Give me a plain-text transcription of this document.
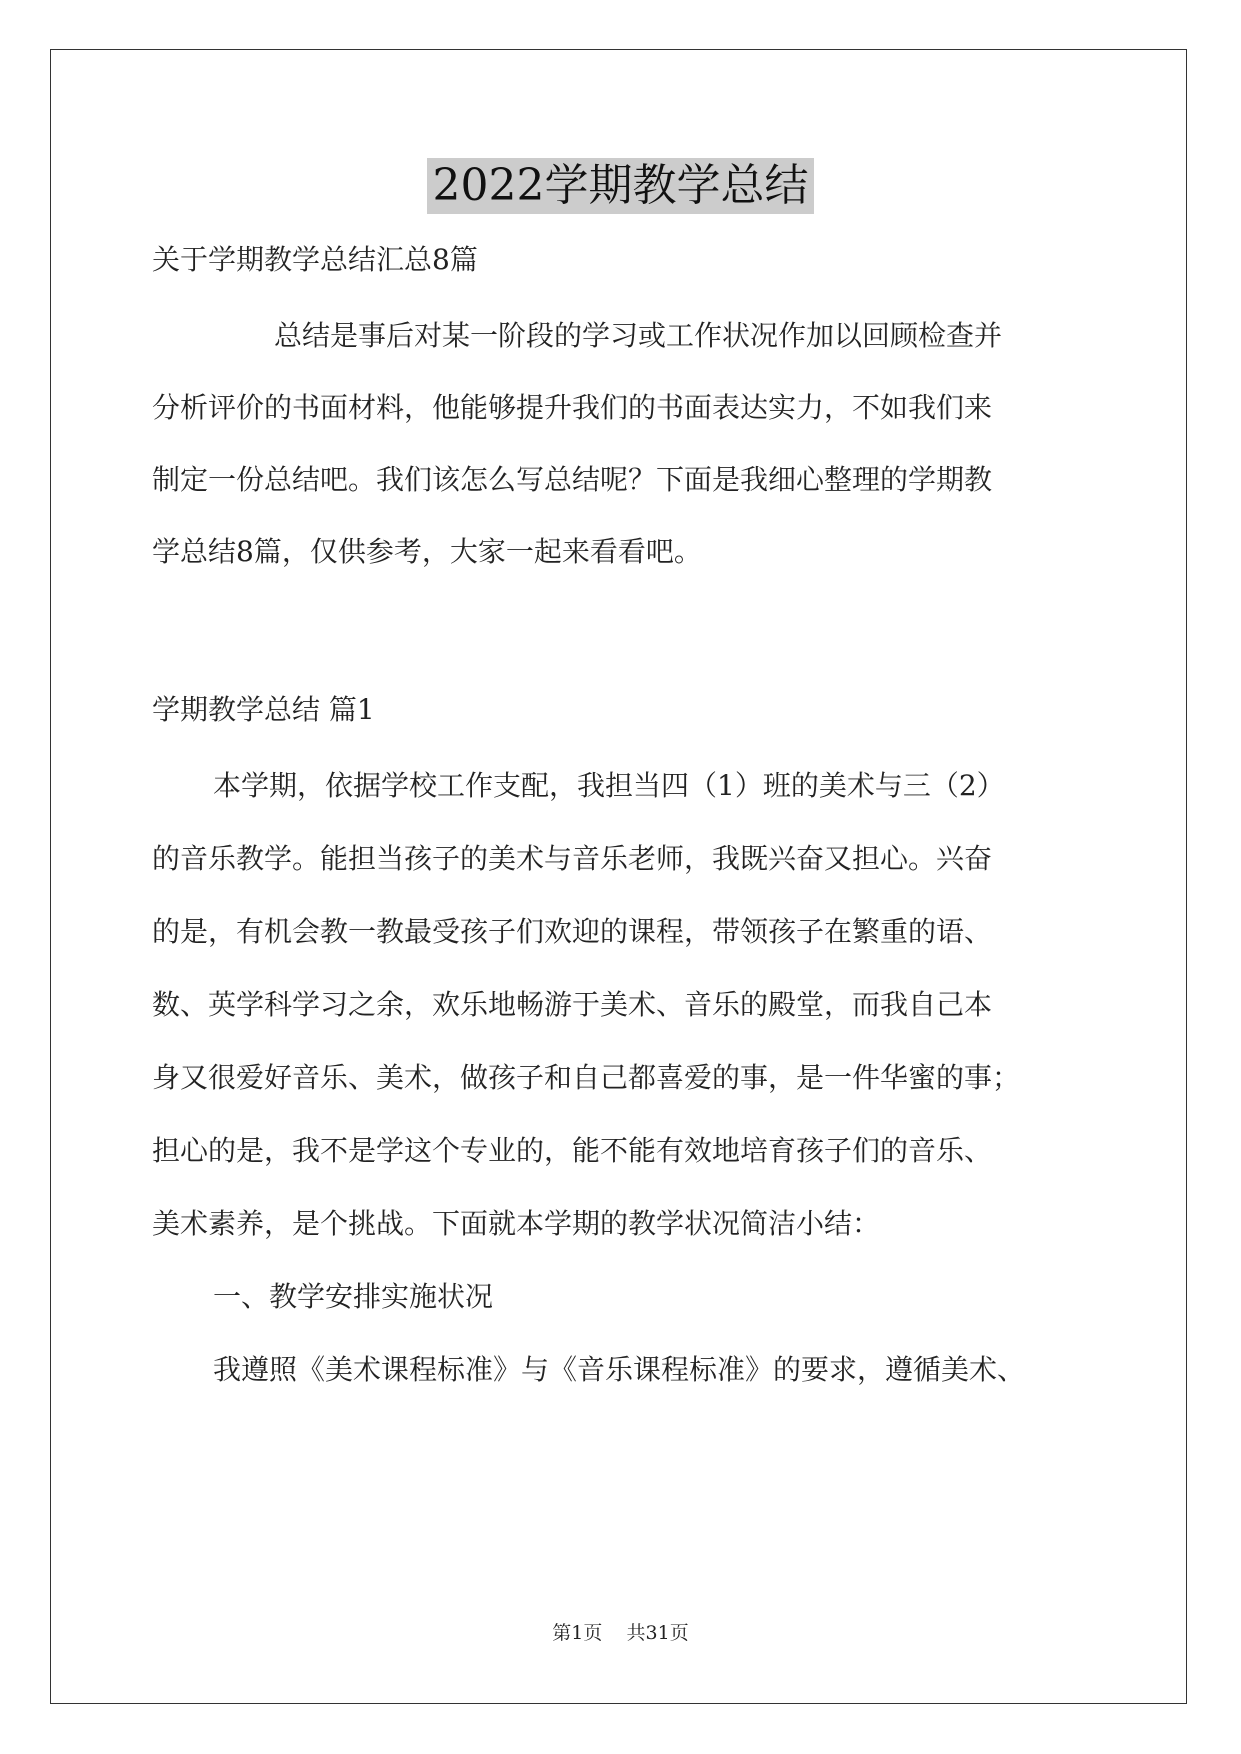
2022学期教学总结
关于学期教学总结汇总8篇
总结是事后对某一阶段的学习或工作状况作加以回顾检查并
分析评价的书面材料，他能够提升我们的书面表达实力，不如我们来
制定一份总结吧。我们该怎么写总结呢？下面是我细心整理的学期教
学总结8篇，仅供参考，大家一起来看看吧。
学期教学总结 篇1
本学期，依据学校工作支配，我担当四（1）班的美术与三（2）
的音乐教学。能担当孩子的美术与音乐老师，我既兴奋又担心。兴奋
的是，有机会教一教最受孩子们欢迎的课程，带领孩子在繁重的语、
数、英学科学习之余，欢乐地畅游于美术、音乐的殿堂，而我自己本
身又很爱好音乐、美术，做孩子和自己都喜爱的事，是一件华蜜的事；
担心的是，我不是学这个专业的，能不能有效地培育孩子们的音乐、
美术素养，是个挑战。下面就本学期的教学状况简洁小结：
一、教学安排实施状况
我遵照《美术课程标准》与《音乐课程标准》的要求，遵循美术、
第1页 共31页
